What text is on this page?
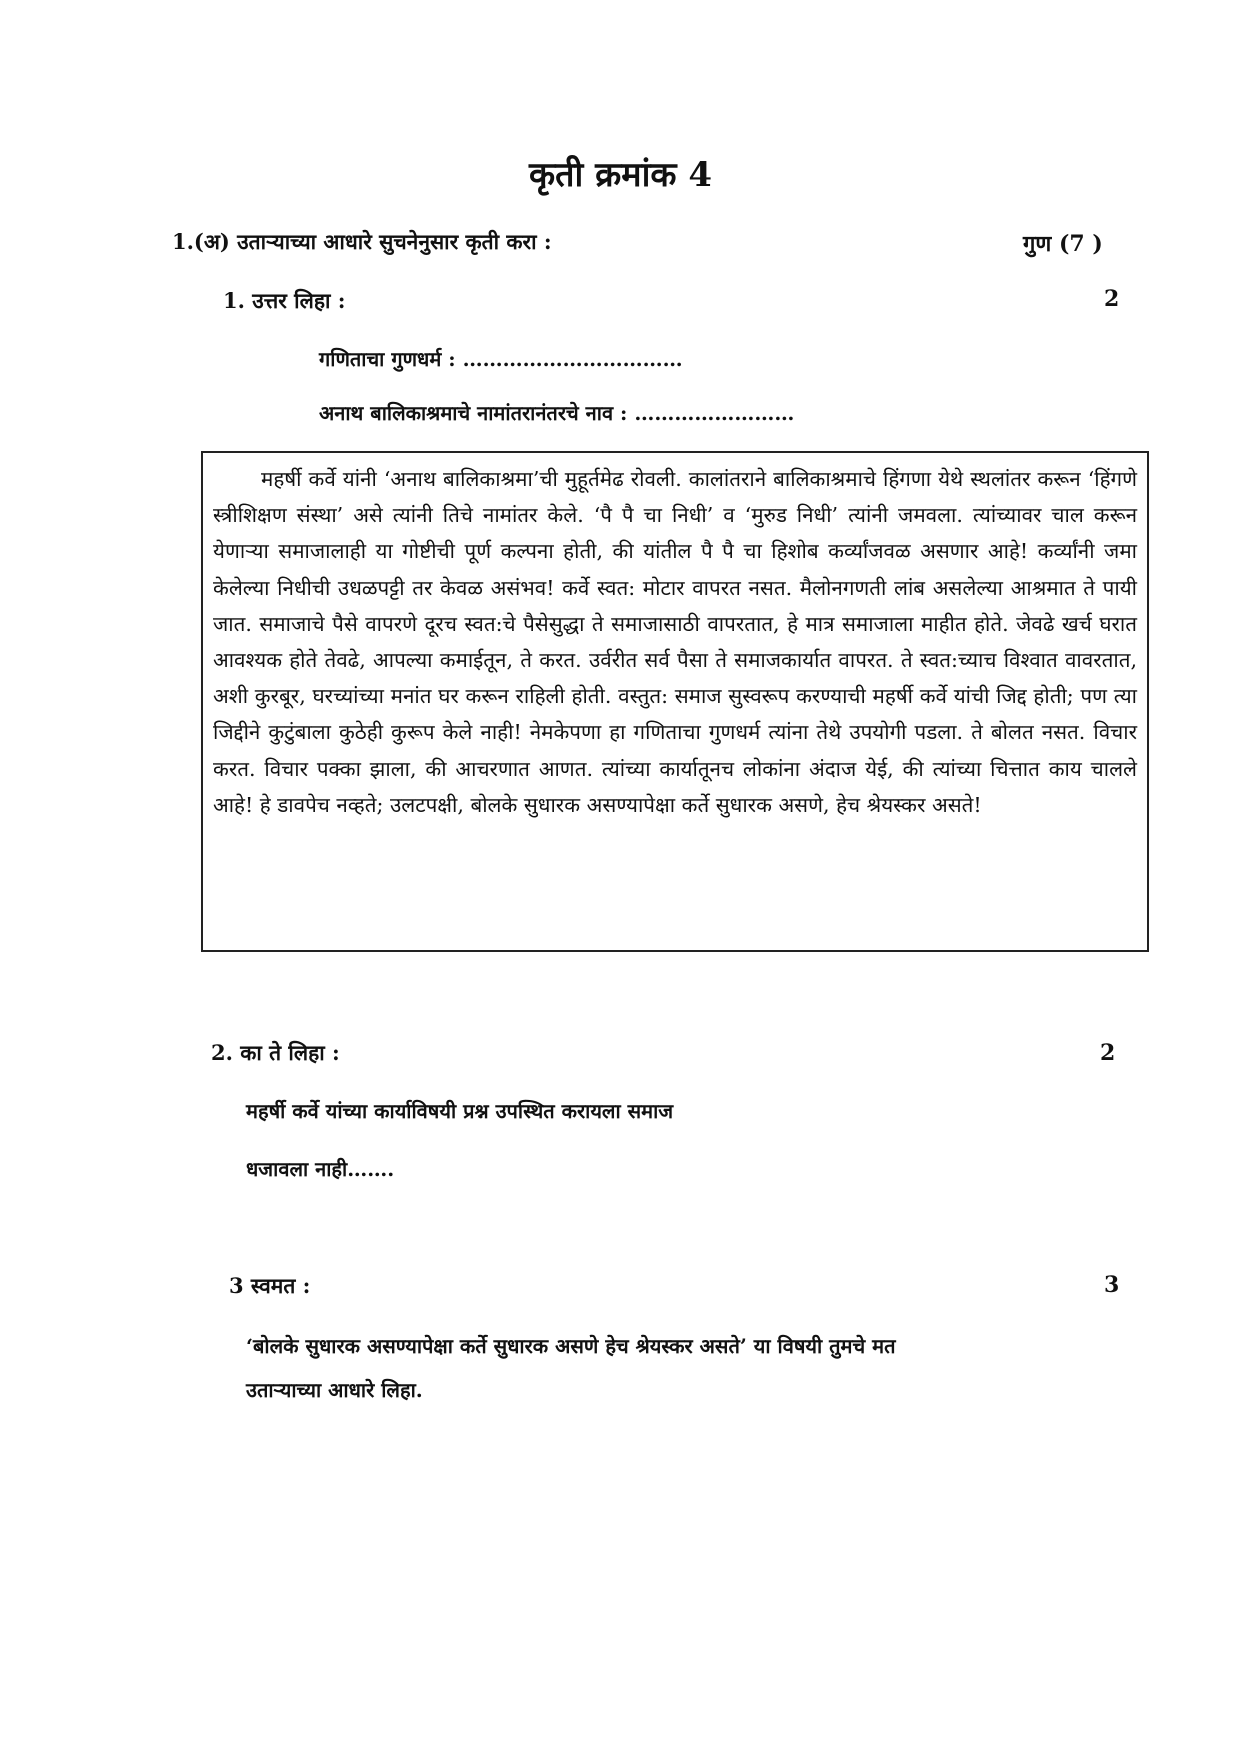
कृती क्रमांक 4
1.(अ) उताऱ्याच्या आधारे सुचनेनुसार कृती करा :	गुण (7 )
1. उत्तर लिहा :	2
गणिताचा गुणधर्म : ……………………………
अनाथ बालिकाश्रमाचे नामांतरानंतरचे नाव : ……………………
महर्षी कर्वे यांनी ‘अनाथ बालिकाश्रमा’ची मुहूर्तमेढ रोवली. कालांतराने बालिकाश्रमाचे हिंगणा येथे स्थलांतर करून ‘हिंगणे स्त्रीशिक्षण संस्था’ असे त्यांनी तिचे नामांतर केले. ‘पै पै चा निधी’ व ‘मुरुड निधी’ त्यांनी जमवला. त्यांच्यावर चाल करून येणाऱ्या समाजालाही या गोष्टीची पूर्ण कल्पना होती, की यांतील पै पै चा हिशोब कर्व्यांजवळ असणार आहे! कर्व्यांनी जमा केलेल्या निधीची उधळपट्टी तर केवळ असंभव! कर्वे स्वत: मोटार वापरत नसत. मैलोनगणती लांब असलेल्या आश्रमात ते पायी जात. समाजाचे पैसे वापरणे दूरच स्वत:चे पैसेसुद्धा ते समाजासाठी वापरतात, हे मात्र समाजाला माहीत होते. जेवढे खर्च घरात आवश्यक होते तेवढे, आपल्या कमाईतून, ते करत. उर्वरीत सर्व पैसा ते समाजकार्यात वापरत. ते स्वत:च्याच विश्वात वावरतात, अशी कुरबूर, घरच्यांच्या मनांत घर करून राहिली होती. वस्तुत: समाज सुस्वरूप करण्याची महर्षी कर्वे यांची जिद्द होती; पण त्या जिद्दीने कुटुंबाला कुठेही कुरूप केले नाही! नेमकेपणा हा गणिताचा गुणधर्म त्यांना तेथे उपयोगी पडला. ते बोलत नसत. विचार करत. विचार पक्का झाला, की आचरणात आणत. त्यांच्या कार्यातूनच लोकांना अंदाज येई, की त्यांच्या चित्तात काय चालले आहे! हे डावपेच नव्हते; उलटपक्षी, बोलके सुधारक असण्यापेक्षा कर्ते सुधारक असणे, हेच श्रेयस्कर असते!
2. का ते लिहा :	2
महर्षी कर्वे यांच्या कार्याविषयी प्रश्न उपस्थित करायला समाज
धजावला नाही…….
3 स्वमत :	3
‘बोलके सुधारक असण्यापेक्षा कर्ते सुधारक असणे हेच श्रेयस्कर असते’ या विषयी तुमचे मत
उताऱ्याच्या आधारे लिहा.
